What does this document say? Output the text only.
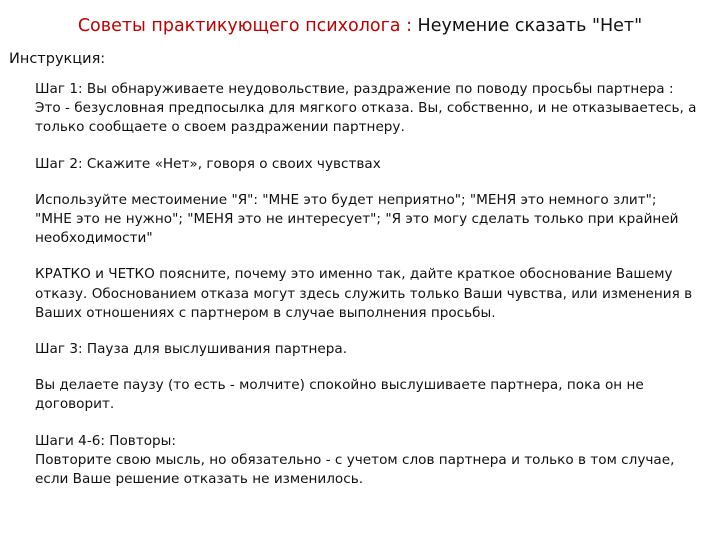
Советы практикующего психолога : Неумение сказать "Нет"
Инструкция:

Шаг 1: Вы обнаруживаете неудовольствие, раздражение по поводу просьбы партнера :
Это - безусловная предпосылка для мягкого отказа. Вы, собственно, и не отказываетесь, а
только сообщаете о своем раздражении партнеру.

Шаг 2: Скажите «Нет», говоря о своих чувствах

Используйте местоимение "Я": "МНЕ это будет неприятно"; "МЕНЯ это немного злит";
"МНЕ это не нужно"; "МЕНЯ это не интересует"; "Я это могу сделать только при крайней
необходимости"

КРАТКО и ЧЕТКО поясните, почему это именно так, дайте краткое обоснование Вашему
отказу. Обоснованием отказа могут здесь служить только Ваши чувства, или изменения в
Ваших отношениях с партнером в случае выполнения просьбы.

Шаг 3: Пауза для выслушивания партнера.

Вы делаете паузу (то есть - молчите) спокойно выслушиваете партнера, пока он не
договорит.

Шаги 4-6: Повторы:
Повторите свою мысль, но обязательно - с учетом слов партнера и только в том случае,
если Ваше решение отказать не изменилось.
